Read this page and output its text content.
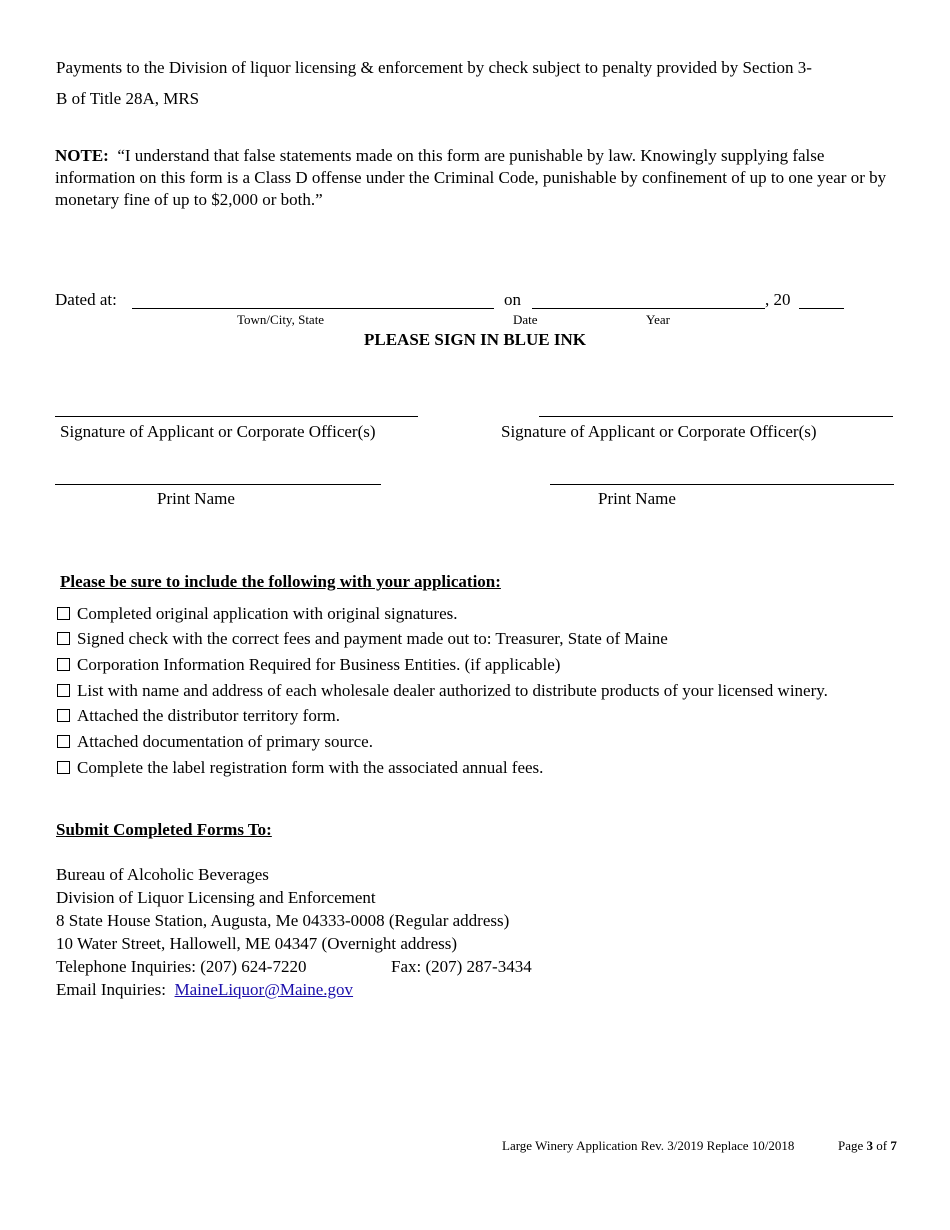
Payments to the Division of liquor licensing & enforcement by check subject to penalty provided by Section 3-
B of Title 28A, MRS
NOTE: “I understand that false statements made on this form are punishable by law. Knowingly supplying false information on this form is a Class D offense under the Criminal Code, punishable by confinement of up to one year or by monetary fine of up to $2,000 or both.”
Dated at:	on	, 20
Town/City, State	Date	Year
PLEASE SIGN IN BLUE INK
Signature of Applicant or Corporate Officer(s)	Signature of Applicant or Corporate Officer(s)
Print Name	Print Name
Please be sure to include the following with your application:
Completed original application with original signatures.
Signed check with the correct fees and payment made out to: Treasurer, State of Maine
Corporation Information Required for Business Entities. (if applicable)
List with name and address of each wholesale dealer authorized to distribute products of your licensed winery.
Attached the distributor territory form.
Attached documentation of primary source.
Complete the label registration form with the associated annual fees.
Submit Completed Forms To:
Bureau of Alcoholic Beverages
Division of Liquor Licensing and Enforcement
8 State House Station, Augusta, Me 04333-0008 (Regular address)
10 Water Street, Hallowell, ME 04347 (Overnight address)
Telephone Inquiries: (207) 624-7220	Fax: (207) 287-3434
Email Inquiries: MaineLiquor@Maine.gov
Large Winery Application Rev. 3/2019 Replace 10/2018	Page 3 of 7
